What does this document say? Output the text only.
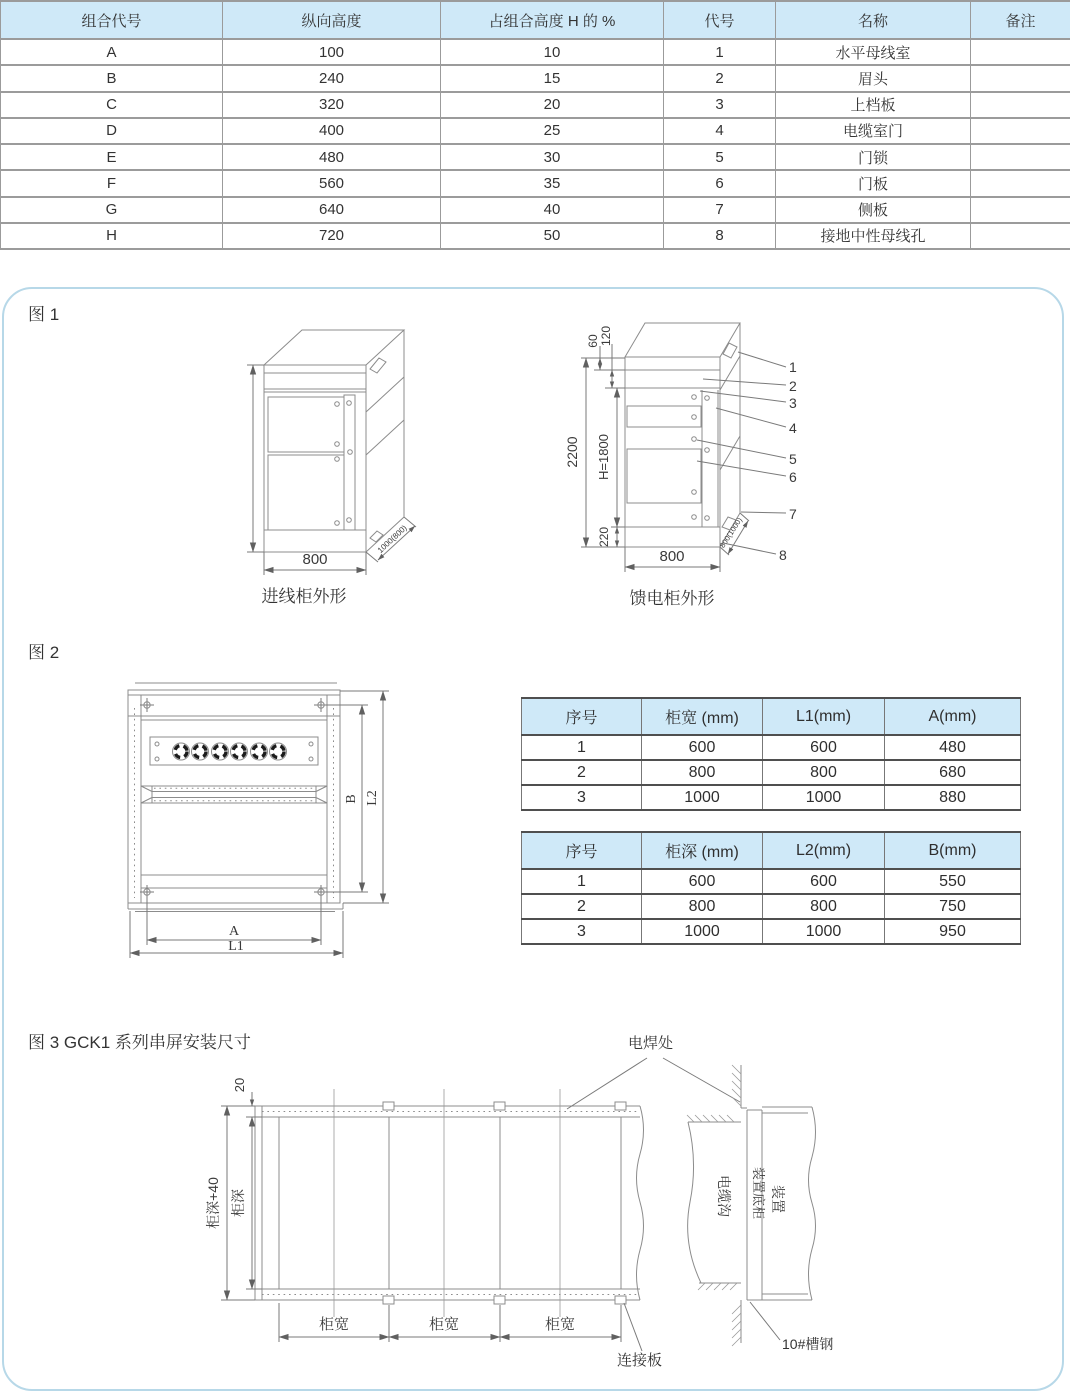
组合代号	纵向高度	占组合高度 H 的 %	代号	名称	备注
A	100	10	1	水平母线室	
B	240	15	2	眉头	
C	320	20	3	上档板	
D	400	25	4	电缆室门	
E	480	30	5	门锁	
F	560	35	6	门板	
G	640	40	7	侧板	
H	720	50	8	接地中性母线孔	
图 1
图 2
图 3 GCK1 系列串屏安装尺寸
进线柜外形	馈电柜外形
电焊处
连接板
10#槽钢
800
1000(800)
2200
60 120
H=1800
220
800
800(1000)
1
2
3
4
5
6
7
8
A
L1
B L2
柜深+40 柜深
20
柜宽	柜宽	柜宽
电缆沟 装置底柜 装置
序号	柜宽 (mm)	L1(mm)	A(mm)
1	600	600	480
2	800	800	680
3	1000	1000	880
序号	柜深 (mm)	L2(mm)	B(mm)
1	600	600	550
2	800	800	750
3	1000	1000	950
